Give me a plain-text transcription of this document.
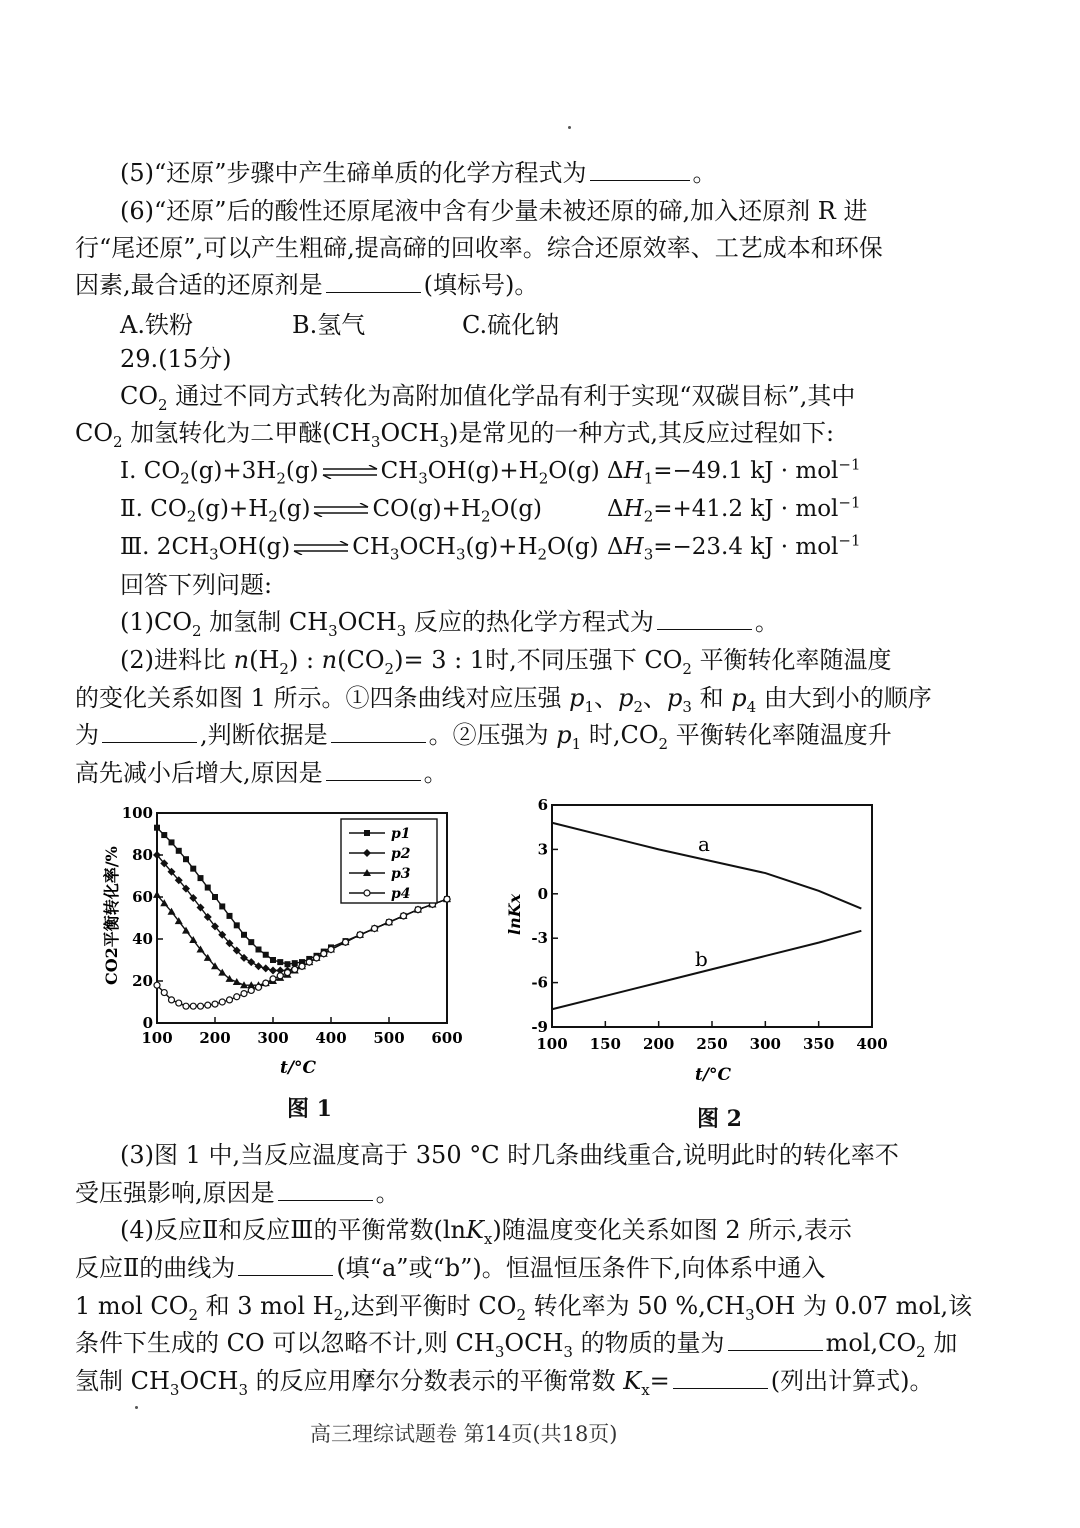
(5)“还原”步骤中产生碲单质的化学方程式为	。
(6)“还原”后的酸性还原尾液中含有少量未被还原的碲,加入还原剂 R 进
行“尾还原”,可以产生粗碲,提高碲的回收率。综合还原效率、工艺成本和环保
因素,最合适的还原剂是	(填标号)。
A.铁粉	B.氢气	C.硫化钠
29.(15分)
$CO_2$ 通过不同方式转化为高附加值化学品有利于实现“双碳目标”,其中
$CO_2$ 加氢转化为二甲醚$(CH_3OCH_3)$是常见的一种方式,其反应过程如下:
Ⅰ. $CO_2(g)+3H_2(g)$ ⇌ $CH_3OH(g)+H_2O(g)$ $\Delta H_1=-49.1$ kJ · mol$^{-1}$
Ⅱ. $CO_2(g)+H_2(g)$ ⇌ $CO(g)+H_2O(g)$	$\Delta H_2=+41.2$ kJ · mol$^{-1}$
Ⅲ. $2CH_3OH(g)$ ⇌ $CH_3OCH_3(g)+H_2O(g)$ $\Delta H_3=-23.4$ kJ · mol$^{-1}$
回答下列问题:
$(1)CO_2$ 加氢制 $CH_3OCH_3$ 反应的热化学方程式为	。
(2)进料比 $n(H_2)$ : $n(CO_2)= 3$ : 1时,不同压强下 $CO_2$ 平衡转化率随温度
的变化关系如图 1 所示。①四条曲线对应压强 $p_1$、$p_2$、$p_3$ 和 $p_4$ 由大到小的顺序
为	,判断依据是	。②压强为 $p_1$ 时$,CO_2$ 平衡转化率随温度升
高先减小后增大,原因是	。
100 200 300 400 500 600
0
20
40
60
80
100
p1
p2
p3
p4
CO2平衡转化率/%
t/°C
图 1
100 150 200 250 300 350 400
-9
-6
-3
0
3
6
lnKx
t/°C
a
b
图 2
(3)图 1 中,当反应温度高于 350 °C 时几条曲线重合,说明此时的转化率不
受压强影响,原因是	。
(4)反应Ⅱ和反应Ⅲ的平衡常数(lnK$_x$)随温度变化关系如图 2 所示,表示
反应Ⅱ的曲线为	(填“a”或“b”)。恒温恒压条件下,向体系中通入
1 mol $CO_2$ 和 3 mol $H_2$,达到平衡时 $CO_2$ 转化率为 50 $\%,CH_3OH$ 为 0.07 mol,该
条件下生成的 CO 可以忽略不计,则 $CH_3OCH_3$ 的物质的量为	$mol,CO_2$ 加
氢制 $CH_3OCH_3$ 的反应用摩尔分数表示的平衡常数 $K_x=$	(列出计算式)。
高三理综试题卷 第14页(共18页)
